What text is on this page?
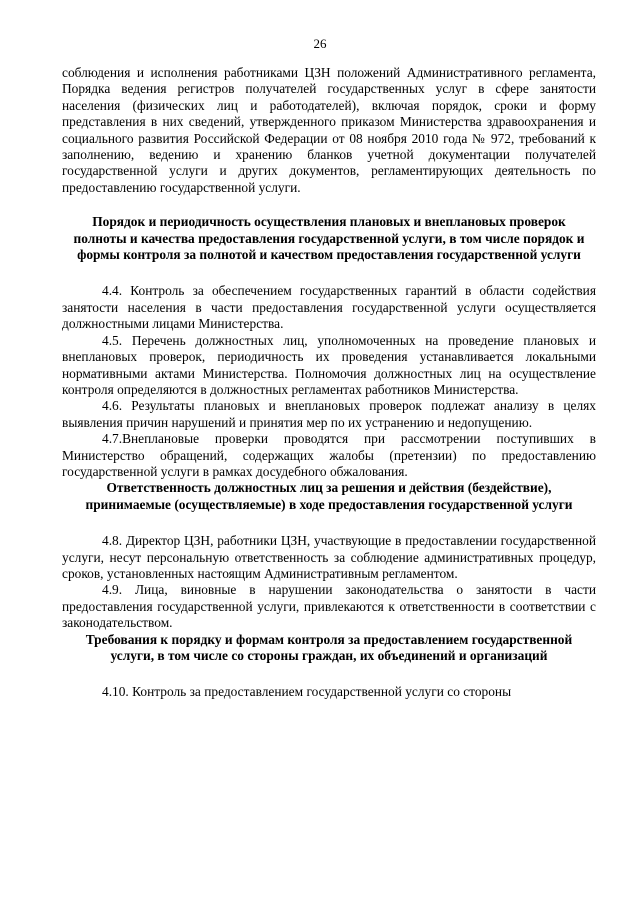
26

соблюдения и исполнения работниками ЦЗН положений Административного регламента, Порядка ведения регистров получателей государственных услуг в сфере занятости населения (физических лиц и работодателей), включая порядок, сроки и форму представления в них сведений, утвержденного приказом Министерства здравоохранения и социального развития Российской Федерации от 08 ноября 2010 года № 972, требований к заполнению, ведению и хранению бланков учетной документации получателей государственной услуги и других документов, регламентирующих деятельность по предоставлению государственной услуги.

Порядок и периодичность осуществления плановых и внеплановых проверок полноты и качества предоставления государственной услуги, в том числе порядок и формы контроля за полнотой и качеством предоставления государственной услуги

4.4. Контроль за обеспечением государственных гарантий в области содействия занятости населения в части предоставления государственной услуги осуществляется должностными лицами Министерства.

4.5. Перечень должностных лиц, уполномоченных на проведение плановых и внеплановых проверок, периодичность их проведения устанавливается локальными нормативными актами Министерства. Полномочия должностных лиц на осуществление контроля определяются в должностных регламентах работников Министерства.

4.6. Результаты плановых и внеплановых проверок подлежат анализу в целях выявления причин нарушений и принятия мер по их устранению и недопущению.

4.7.Внеплановые проверки проводятся при рассмотрении поступивших в Министерство обращений, содержащих жалобы (претензии) по предоставлению государственной услуги в рамках досудебного обжалования.

Ответственность должностных лиц за решения и действия (бездействие), принимаемые (осуществляемые) в ходе предоставления государственной услуги

4.8. Директор ЦЗН, работники ЦЗН, участвующие в предоставлении государственной услуги, несут персональную ответственность за соблюдение административных процедур, сроков, установленных настоящим Административным регламентом.

4.9. Лица, виновные в нарушении законодательства о занятости в части предоставления государственной услуги, привлекаются к ответственности в соответствии с законодательством.

Требования к порядку и формам контроля за предоставлением государственной услуги, в том числе со стороны граждан, их объединений и организаций

4.10. Контроль за предоставлением государственной услуги со стороны
